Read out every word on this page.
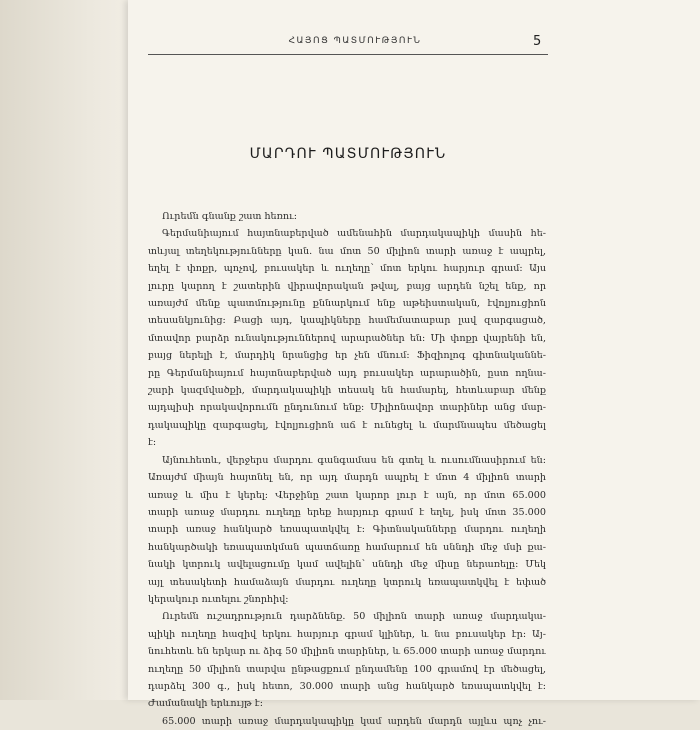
ՀԱՅՈՑ ՊԱՏՄՈՒԹՅՈՒՆ	5
ՄԱՐԴՈՒ ՊԱՏՄՈՒԹՅՈՒՆ
Ուրեմն գնանք շատ հեռու:
Գերմանիայում հայտնաբերված ամենահին մարդակապիկի մասին հե-
տևյալ տեղեկությունները կան. նա մոտ 50 միլիոն տարի առաջ է ապրել,
եղել է փոքր, պոչով, բուսակեր և ուղեղը՝ մոտ երկու հարյուր գրամ: Այս
լուրը կարող է շատերին վիրավորական թվալ, բայց արդեն նշել ենք, որ
առայժմ մենք պատմությունը քննարկում ենք աթեիստական, էվոլյուցիոն
տեսանկյունից: Բացի այդ, կապիկները համեմատաբար լավ զարգացած,
մտավոր բարձր ունակություններով արարածներ են: Մի փոքր վայրենի են,
բայց ներելի է, մարդիկ նրանցից եր չեն մնում: Ֆիզիոլոգ գիտնականնե-
րը Գերմանիայում հայտնաբերված այդ բուսակեր արարածին, ըստ ողնա-
շարի կազմվածքի, մարդակապիկի տեսակ են համարել, հետևաբար մենք
այդպիսի որակավորումն ընդունում ենք: Միլիոնավոր տարիներ անց մար-
դակապիկը զարգացել, էվոլյուցիոն աճ է ունեցել և մարմնապես մեծացել
է:
Այնուհետև, վերջերս մարդու գանգամաս են գտել և ուսումնասիրում են:
Առայժմ միայն հայտնել են, որ այդ մարդն ապրել է մոտ 4 միլիոն տարի
առաջ և միս է կերել: Վերջինը շատ կարոր լուր է այն, որ մոտ 65.000
տարի առաջ մարդու ուղեղը երեք հարյուր գրամ է եղել, իսկ մոտ 35.000
տարի առաջ հանկարծ եռապատկվել է: Գիտնականները մարդու ուղեղի
հանկարծակի եռապատկման պատճառը համարում են սննդի մեջ մսի քա-
նակի կտրուկ ավելացումը կամ ավելին՝ սննդի մեջ միսը ներառելը: Մեկ
այլ տեսակետի համաձայն մարդու ուղեղը կտրուկ եռապատկվել է եփած
կերակուր ուտելու շնորհիվ:
Ուրեմն ուշադրություն դարձնենք. 50 միլիոն տարի առաջ մարդակա-
պիկի ուղեղը հազիվ երկու հարյուր գրամ կլիներ, և նա բուսակեր էր: Այ-
նուհետև են երկար ու ձիգ 50 միլիոն տարիներ, և 65.000 տարի առաջ մարդու
ուղեղը 50 միլիոն տարվա ընթացքում ընդամենը 100 գրամով էր մեծացել,
դարձել 300 գ., իսկ հետո, 30.000 տարի անց հանկարծ եռապատկվել է:
Ժամանակի երևույթ է:
65.000 տարի առաջ մարդակապիկը կամ արդեն մարդն այլևս պոչ չու-
